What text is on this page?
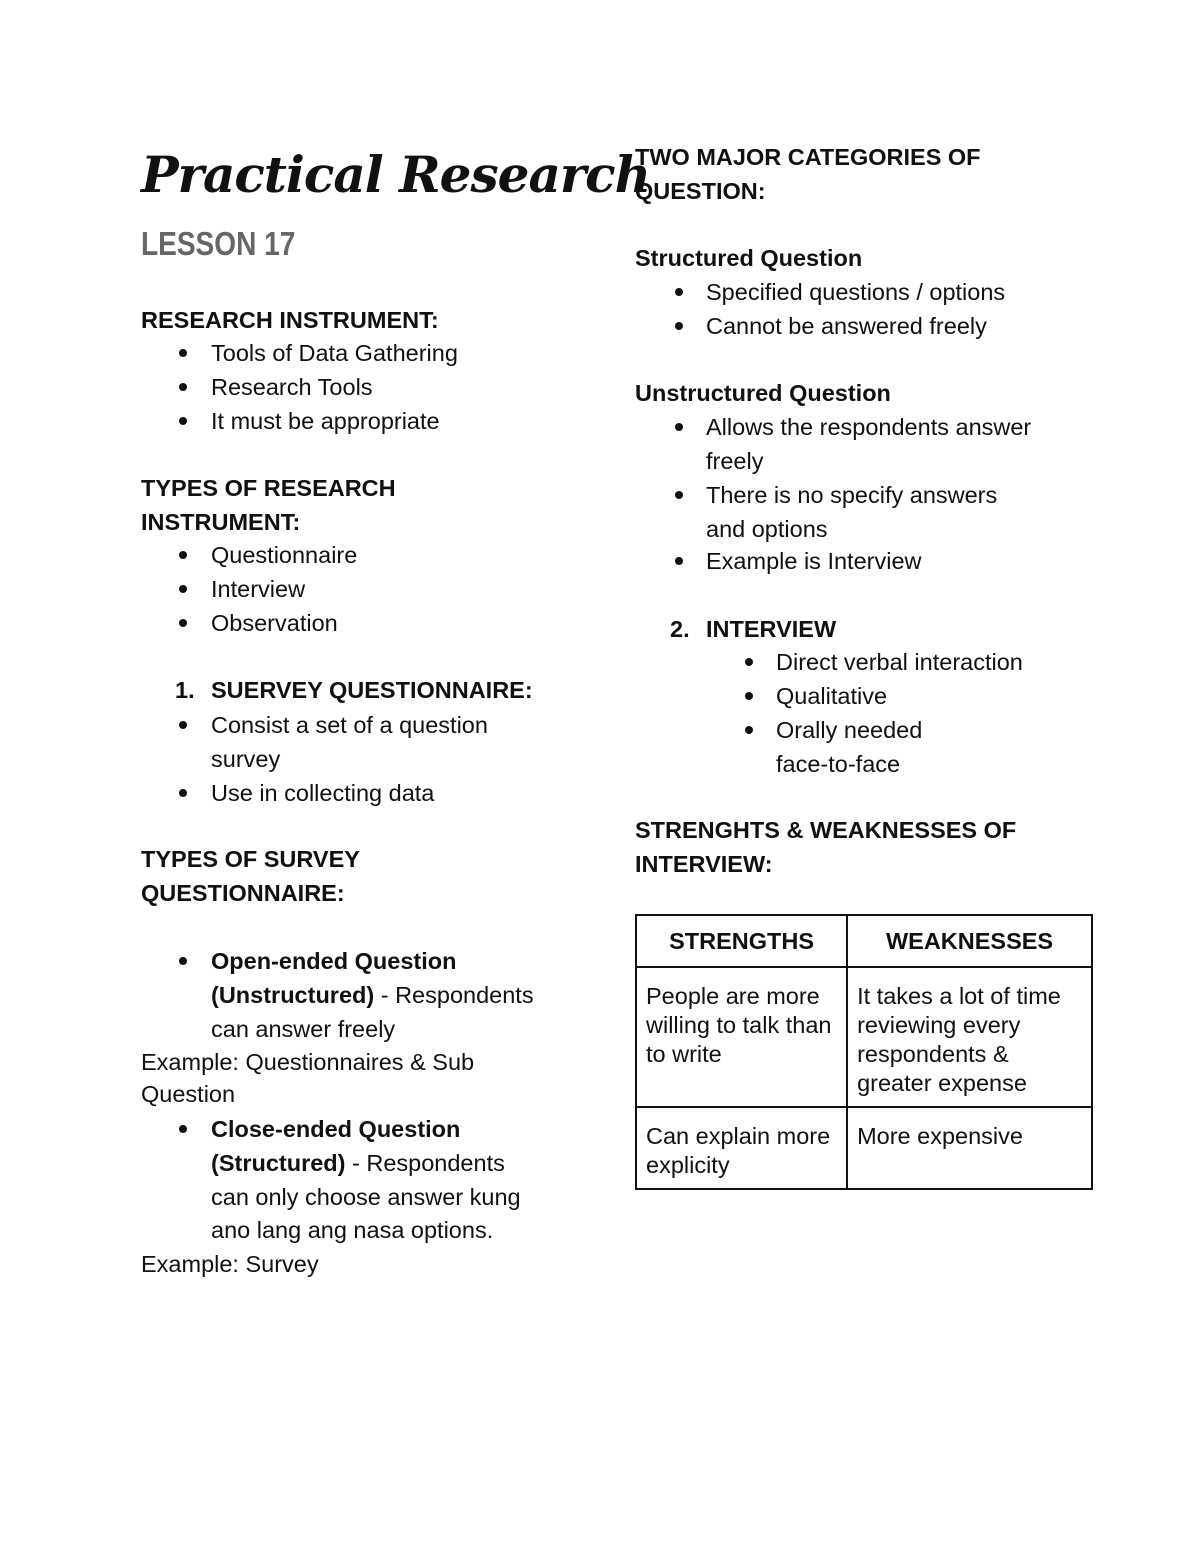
Practical Research
LESSON 17
RESEARCH INSTRUMENT:
Tools of Data Gathering
Research Tools
It must be appropriate
TYPES OF RESEARCH
INSTRUMENT:
Questionnaire
Interview
Observation
1. SUERVEY QUESTIONNAIRE:
Consist a set of a question
survey
Use in collecting data
TYPES OF SURVEY
QUESTIONNAIRE:
Open-ended Question
(Unstructured) - Respondents
can answer freely
Example: Questionnaires & Sub
Question
Close-ended Question
(Structured) - Respondents
can only choose answer kung
ano lang ang nasa options.
Example: Survey
TWO MAJOR CATEGORIES OF
QUESTION:
Structured Question
Specified questions / options
Cannot be answered freely
Unstructured Question
Allows the respondents answer
freely
There is no specify answers
and options
Example is Interview
2. INTERVIEW
Direct verbal interaction
Qualitative
Orally needed
face-to-face
STRENGHTS & WEAKNESSES OF
INTERVIEW:
STRENGTHS	WEAKNESSES
People are more willing to talk than to write	It takes a lot of time reviewing every respondents & greater expense
Can explain more explicity	More expensive
